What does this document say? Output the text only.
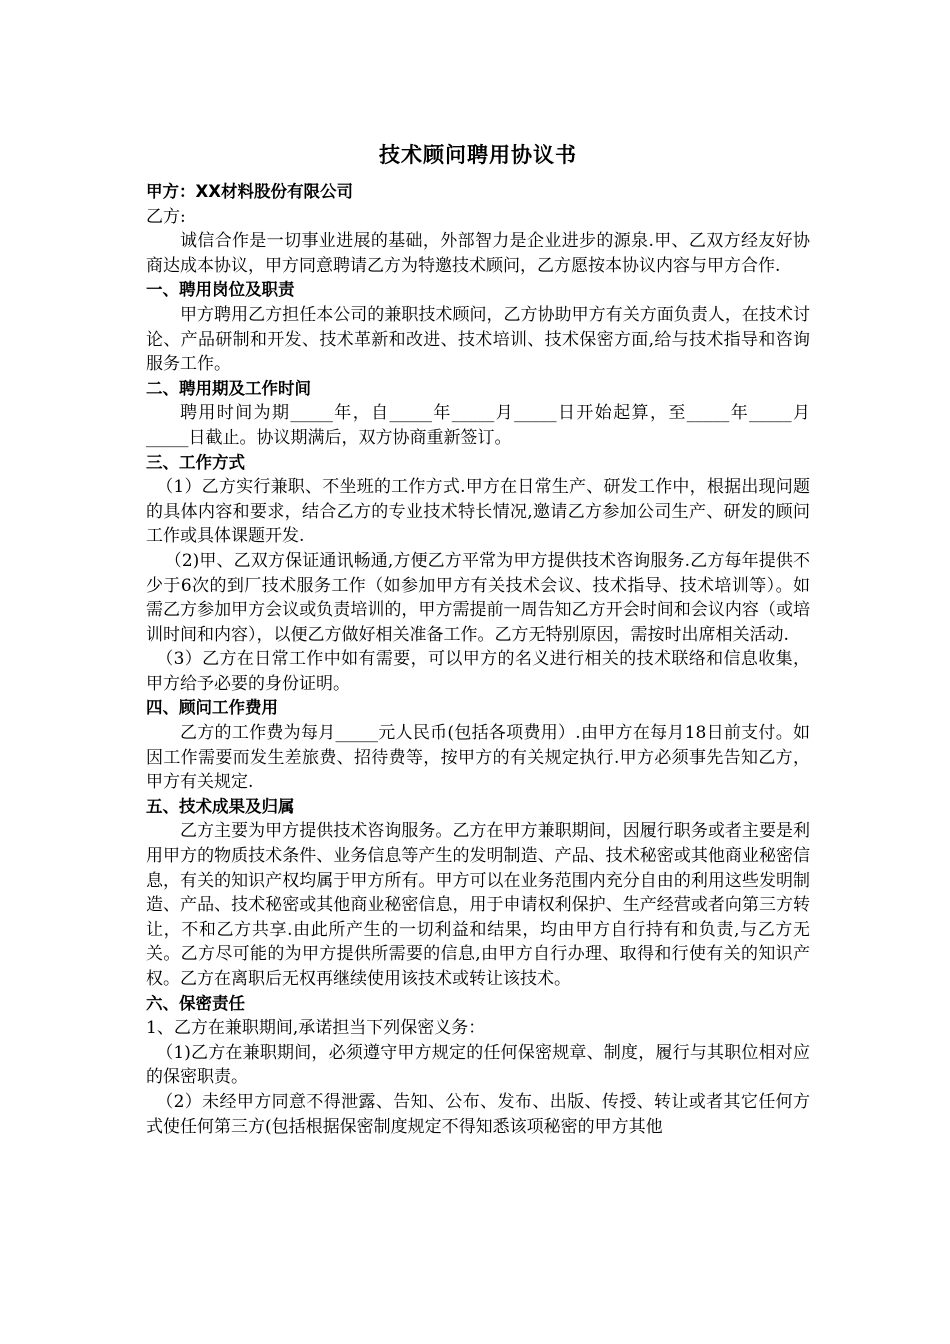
技术顾问聘用协议书
甲方：XX材料股份有限公司
乙方:

诚信合作是一切事业进展的基础，外部智力是企业进步的源泉.甲、乙双方经友好协商达成本协议，甲方同意聘请乙方为特邀技术顾问，乙方愿按本协议内容与甲方合作.

一、聘用岗位及职责

甲方聘用乙方担任本公司的兼职技术顾问，乙方协助甲方有关方面负责人，在技术讨论、产品研制和开发、技术革新和改进、技术培训、技术保密方面,给与技术指导和咨询服务工作。

二、聘用期及工作时间

聘用时间为期_____年，自_____年_____月_____日开始起算，至_____年_____月_____日截止。协议期满后，双方协商重新签订。

三、工作方式

（1）乙方实行兼职、不坐班的工作方式.甲方在日常生产、研发工作中，根据出现问题的具体内容和要求，结合乙方的专业技术特长情况,邀请乙方参加公司生产、研发的顾问工作或具体课题开发.

（2)甲、乙双方保证通讯畅通,方便乙方平常为甲方提供技术咨询服务.乙方每年提供不少于6次的到厂技术服务工作（如参加甲方有关技术会议、技术指导、技术培训等）。如需乙方参加甲方会议或负责培训的，甲方需提前一周告知乙方开会时间和会议内容（或培训时间和内容），以便乙方做好相关准备工作。乙方无特别原因，需按时出席相关活动.

（3）乙方在日常工作中如有需要，可以甲方的名义进行相关的技术联络和信息收集，甲方给予必要的身份证明。

四、顾问工作费用

乙方的工作费为每月_____元人民币(包括各项费用）.由甲方在每月18日前支付。如因工作需要而发生差旅费、招待费等，按甲方的有关规定执行.甲方必须事先告知乙方，甲方有关规定.

五、技术成果及归属

乙方主要为甲方提供技术咨询服务。乙方在甲方兼职期间，因履行职务或者主要是利用甲方的物质技术条件、业务信息等产生的发明制造、产品、技术秘密或其他商业秘密信息，有关的知识产权均属于甲方所有。甲方可以在业务范围内充分自由的利用这些发明制造、产品、技术秘密或其他商业秘密信息，用于申请权利保护、生产经营或者向第三方转让，不和乙方共享.由此所产生的一切利益和结果，均由甲方自行持有和负责,与乙方无关。乙方尽可能的为甲方提供所需要的信息,由甲方自行办理、取得和行使有关的知识产权。乙方在离职后无权再继续使用该技术或转让该技术。

六、保密责任
1、乙方在兼职期间,承诺担当下列保密义务：

（1)乙方在兼职期间，必须遵守甲方规定的任何保密规章、制度，履行与其职位相对应的保密职责。

（2）未经甲方同意不得泄露、告知、公布、发布、出版、传授、转让或者其它任何方式使任何第三方(包括根据保密制度规定不得知悉该项秘密的甲方其他
